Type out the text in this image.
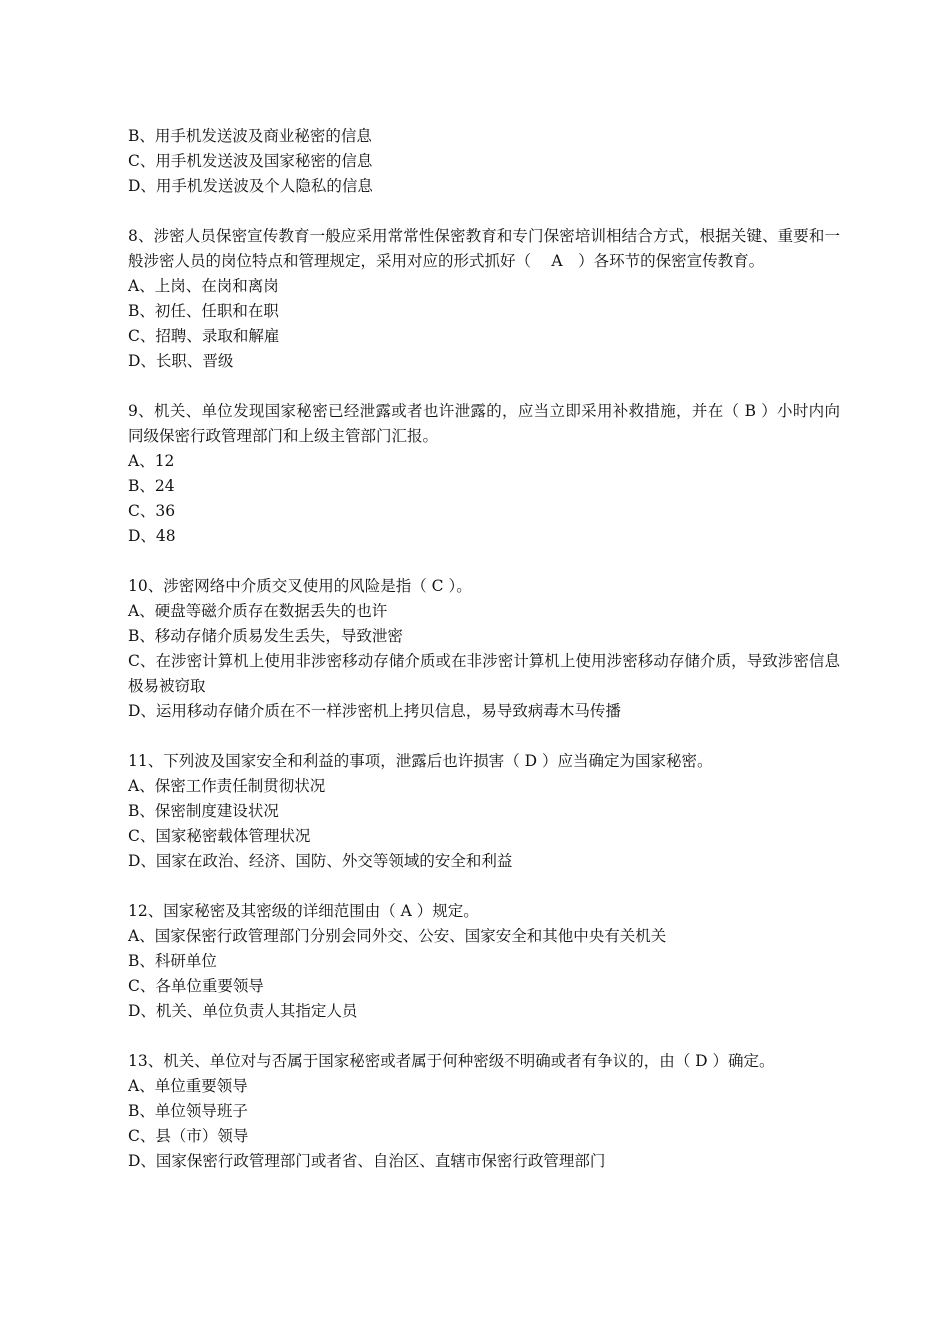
B、用手机发送波及商业秘密的信息
C、用手机发送波及国家秘密的信息
D、用手机发送波及个人隐私的信息
8、涉密人员保密宣传教育一般应采用常常性保密教育和专门保密培训相结合方式，根据关键、重要和一般涉密人员的岗位特点和管理规定，采用对应的形式抓好（　 A　）各环节的保密宣传教育。
A、上岗、在岗和离岗
B、初任、任职和在职
C、招聘、录取和解雇
D、长职、晋级
9、机关、单位发现国家秘密已经泄露或者也许泄露的，应当立即采用补救措施，并在（ B ）小时内向同级保密行政管理部门和上级主管部门汇报。
A、12
B、24
C、36
D、48
10、涉密网络中介质交叉使用的风险是指（ C ）。
A、硬盘等磁介质存在数据丢失的也许
B、移动存储介质易发生丢失，导致泄密
C、在涉密计算机上使用非涉密移动存储介质或在非涉密计算机上使用涉密移动存储介质，导致涉密信息极易被窃取
D、运用移动存储介质在不一样涉密机上拷贝信息，易导致病毒木马传播
11、下列波及国家安全和利益的事项，泄露后也许损害（ D ）应当确定为国家秘密。
A、保密工作责任制贯彻状况
B、保密制度建设状况
C、国家秘密载体管理状况
D、国家在政治、经济、国防、外交等领域的安全和利益
12、国家秘密及其密级的详细范围由（ A ）规定。
A、国家保密行政管理部门分别会同外交、公安、国家安全和其他中央有关机关
B、科研单位
C、各单位重要领导
D、机关、单位负责人其指定人员
13、机关、单位对与否属于国家秘密或者属于何种密级不明确或者有争议的，由（ D ）确定。
A、单位重要领导
B、单位领导班子
C、县（市）领导
D、国家保密行政管理部门或者省、自治区、直辖市保密行政管理部门
